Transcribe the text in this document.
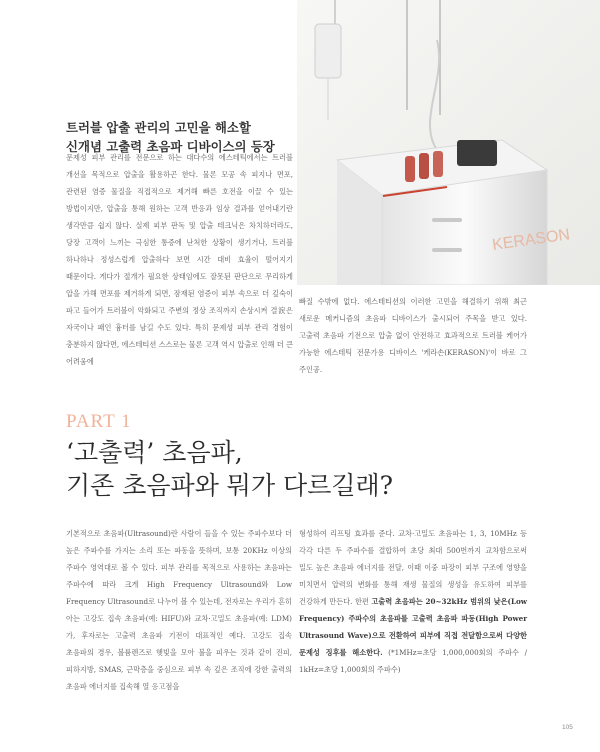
KERASON
트러블 압출 관리의 고민을 해소할
신개념 고출력 초음파 디바이스의 등장
문제성 피부 관리를 전문으로 하는 대다수의 에스테틱에서는 트러블 개선을 목적으로 압출을 활용하곤 한다. 물론 모공 속 피지나 면포, 관련된 염증 물질을 직접적으로 제거해 빠른 호전을 이끌 수 있는 방법이지만, 압출을 통해 원하는 고객 반응과 임상 결과를 얻어내기란 생각만큼 쉽지 않다. 실제 피부 판독 및 압출 테크닉은 차치하더라도, 당장 고객이 느끼는 극심한 통증에 난처한 상황이 생기거나, 트러블 하나하나 정성스럽게 압출하다 보면 시간 대비 효율이 떨어지기 때문이다. 게다가 절개가 필요한 상태임에도 잘못된 판단으로 무리하게 압을 가해 면포를 제거하게 되면, 잠재된 염증이 피부 속으로 더 깊숙이 파고 들어가 트러블이 악화되고 주변의 정상 조직까지 손상시켜 결涙은 자국이나 패인 흉터를 남길 수도 있다. 특히 문제성 피부 관리 경험이 충분하지 않다면, 에스테티션 스스로는 물론 고객 역시 압출로 인해 더 큰 어려움에
빠질 수밖에 없다. 에스테티션의 이러한 고민을 해결하기 위해 최근 새로운 메커니즘의 초음파 디바이스가 출시되어 주목을 받고 있다. 고출력 초음파 기전으로 압출 없이 안전하고 효과적으로 트러블 케어가 가능한 에스테틱 전문가용 디바이스 '케라손(KERASON)'이 바로 그 주인공.
PART 1
‘고출력’ 초음파,
기존 초음파와 뭐가 다르길래?
기본적으로 초음파(Ultrasound)란 사람이 들을 수 있는 주파수보다 더 높은 주파수를 가지는 소리 또는 파동을 뜻하며, 보통 20KHz 이상의 주파수 영역대로 볼 수 있다. 피부 관리를 목적으로 사용하는 초음파는 주파수에 따라 크게 High Frequency Ultrasound와 Low Frequency Ultrasound로 나누어 볼 수 있는데, 전자로는 우리가 흔히 아는 고강도 집속 초음파(예: HIFU)와 교차·고밀도 초음파(예: LDM)가, 후자로는 고출력 초음파 기전이 대표적인 예다. 고강도 집속 초음파의 경우, 볼륨렌즈로 햇빛을 모아 불을 피우는 것과 같이 진피, 피하지방, SMAS, 근막층을 중심으로 피부 속 깊은 조직에 강한 출력의 초음파 에너지를 집속해 열 응고점을
형성하여 리프팅 효과를 준다. 교차·고밀도 초음파는 1, 3, 10MHz 등 각각 다른 두 주파수를 결합하여 초당 최대 500번까지 교차함으로써 밀도 높은 초음파 에너지를 전달, 이때 이중 파장이 피부 구조에 영향을 미치면서 압력의 변화를 통해 재생 물질의 생성을 유도하여 피부를 건강하게 만든다. 한편 고출력 초음파는 20~32kHz 범위의 낮은(Low Frequency) 주파수의 초음파를 고출력 초음파 파동(High Power Ultrasound Wave)으로 전환하여 피부에 직접 전달함으로써 다양한 문제성 징후를 해소한다. (*1MHz=초당 1,000,000회의 주파수 / 1kHz=초당 1,000회의 주파수)
105
